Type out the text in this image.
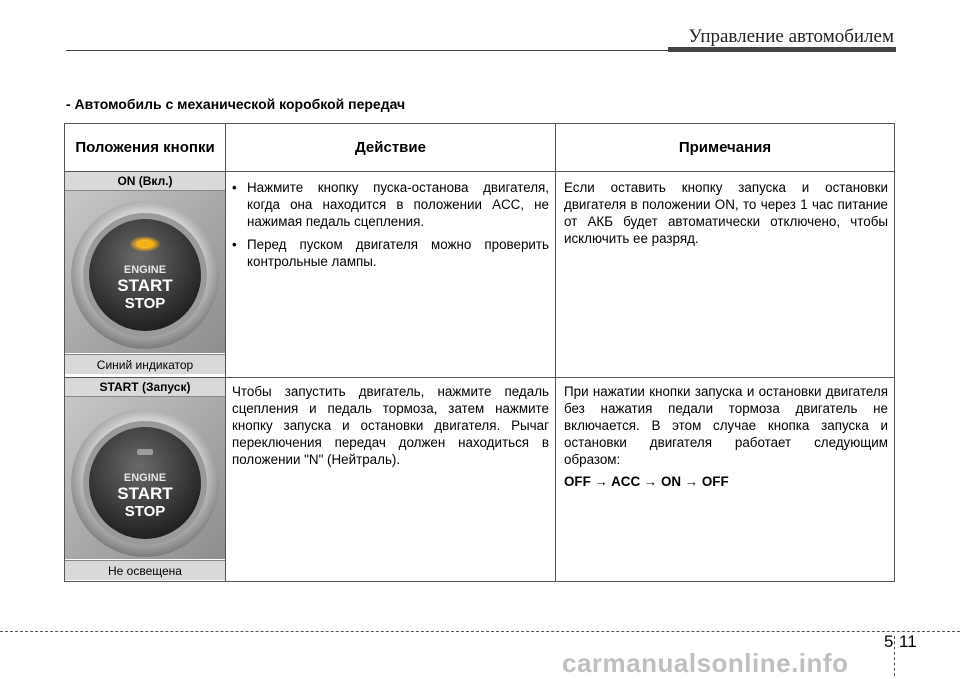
Управление автомобилем
- Автомобиль с механической коробкой передач
Положения кнопки	Действие	Примечания
ON (Вкл.)
ENGINE
START
STOP
Синий индикатор
• Нажмите кнопку пуска-останова двигателя, когда она находится в положении ACC, не нажимая педаль сцепления.
• Перед пуском двигателя можно проверить контрольные лампы.
Если оставить кнопку запуска и остановки двигателя в положении ON, то через 1 час питание от АКБ будет автоматически отключено, чтобы исключить ее разряд.
START (Запуск)
ENGINE
START
STOP
Не освещена
Чтобы запустить двигатель, нажмите педаль сцепления и педаль тормоза, затем нажмите кнопку запуска и остановки двигателя. Рычаг переключения передач должен находиться в положении "N" (Нейтраль).
При нажатии кнопки запуска и остановки двигателя без нажатия педали тормоза двигатель не включается. В этом случае кнопка запуска и остановки двигателя работает следующим образом:
OFF → ACC → ON → OFF
5 11
carmanualsonline.info
